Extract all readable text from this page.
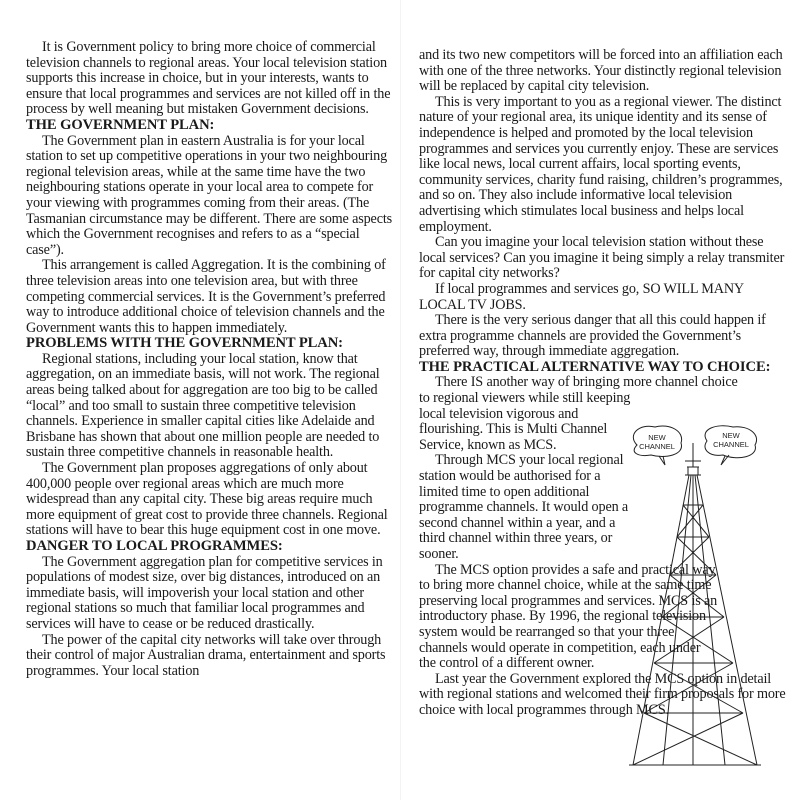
It is Government policy to bring more choice of commercial television channels to regional areas. Your local television station supports this increase in choice, but in your interests, wants to ensure that local programmes and services are not killed off in the process by well meaning but mistaken Government decisions.

THE GOVERNMENT PLAN:

The Government plan in eastern Australia is for your local station to set up competitive operations in your two neighbouring regional television areas, while at the same time have the two neighbouring stations operate in your local area to compete for your viewing with programmes coming from their areas. (The Tasmanian circumstance may be different. There are some aspects which the Government recognises and refers to as a “special case”).

This arrangement is called Aggregation. It is the combining of three television areas into one television area, but with three competing commercial services. It is the Government’s preferred way to introduce additional choice of television channels and the Government wants this to happen immediately.

PROBLEMS WITH THE GOVERNMENT PLAN:

Regional stations, including your local station, know that aggregation, on an immediate basis, will not work. The regional areas being talked about for aggregation are too big to be called “local” and too small to sustain three competitive television channels. Experience in smaller capital cities like Adelaide and Brisbane has shown that about one million people are needed to sustain three competitive channels in reasonable health.

The Government plan proposes aggregations of only about 400,000 people over regional areas which are much more widespread than any capital city. These big areas require much more equipment of great cost to provide three channels. Regional stations will have to bear this huge equipment cost in one move.

DANGER TO LOCAL PROGRAMMES:

The Government aggregation plan for competitive services in populations of modest size, over big distances, introduced on an immediate basis, will impoverish your local station and other regional stations so much that familiar local programmes and services will have to cease or be reduced drastically.

The power of the capital city networks will take over through their control of major Australian drama, entertainment and sports programmes. Your local station

and its two new competitors will be forced into an affiliation each with one of the three networks. Your distinctly regional television will be replaced by capital city television.

This is very important to you as a regional viewer. The distinct nature of your regional area, its unique identity and its sense of independence is helped and promoted by the local television programmes and services you currently enjoy. These are services like local news, local current affairs, local sporting events, community services, charity fund raising, children’s programmes, and so on. They also include informative local television advertising which stimulates local business and helps local employment.

Can you imagine your local television station without these local services? Can you imagine it being simply a relay transmiter for capital city networks?

If local programmes and services go, SO WILL MANY LOCAL TV JOBS.

There is the very serious danger that all this could happen if extra programme channels are provided the Government’s preferred way, through immediate aggregation.

THE PRACTICAL ALTERNATIVE WAY TO CHOICE:

There IS another way of bringing more channel choice

to regional viewers while still keeping local television vigorous and flourishing. This is Multi Channel Service, known as MCS.

Through MCS your local regional station would be authorised for a limited time to open additional programme channels. It would open a second channel within a year, and a third channel within three years, or sooner.

The MCS option provides a safe and practical way to bring more channel choice, while at the same time preserving local programmes and services. MCS is an introductory phase. By 1996, the regional television system would be rearranged so that your three channels would operate in competition, each under the control of a different owner.

Last year the Government explored the MCS option in detail with regional stations and welcomed their firm proposals for more choice with local programmes through MCS.

NEW
CHANNEL
NEW
CHANNEL
